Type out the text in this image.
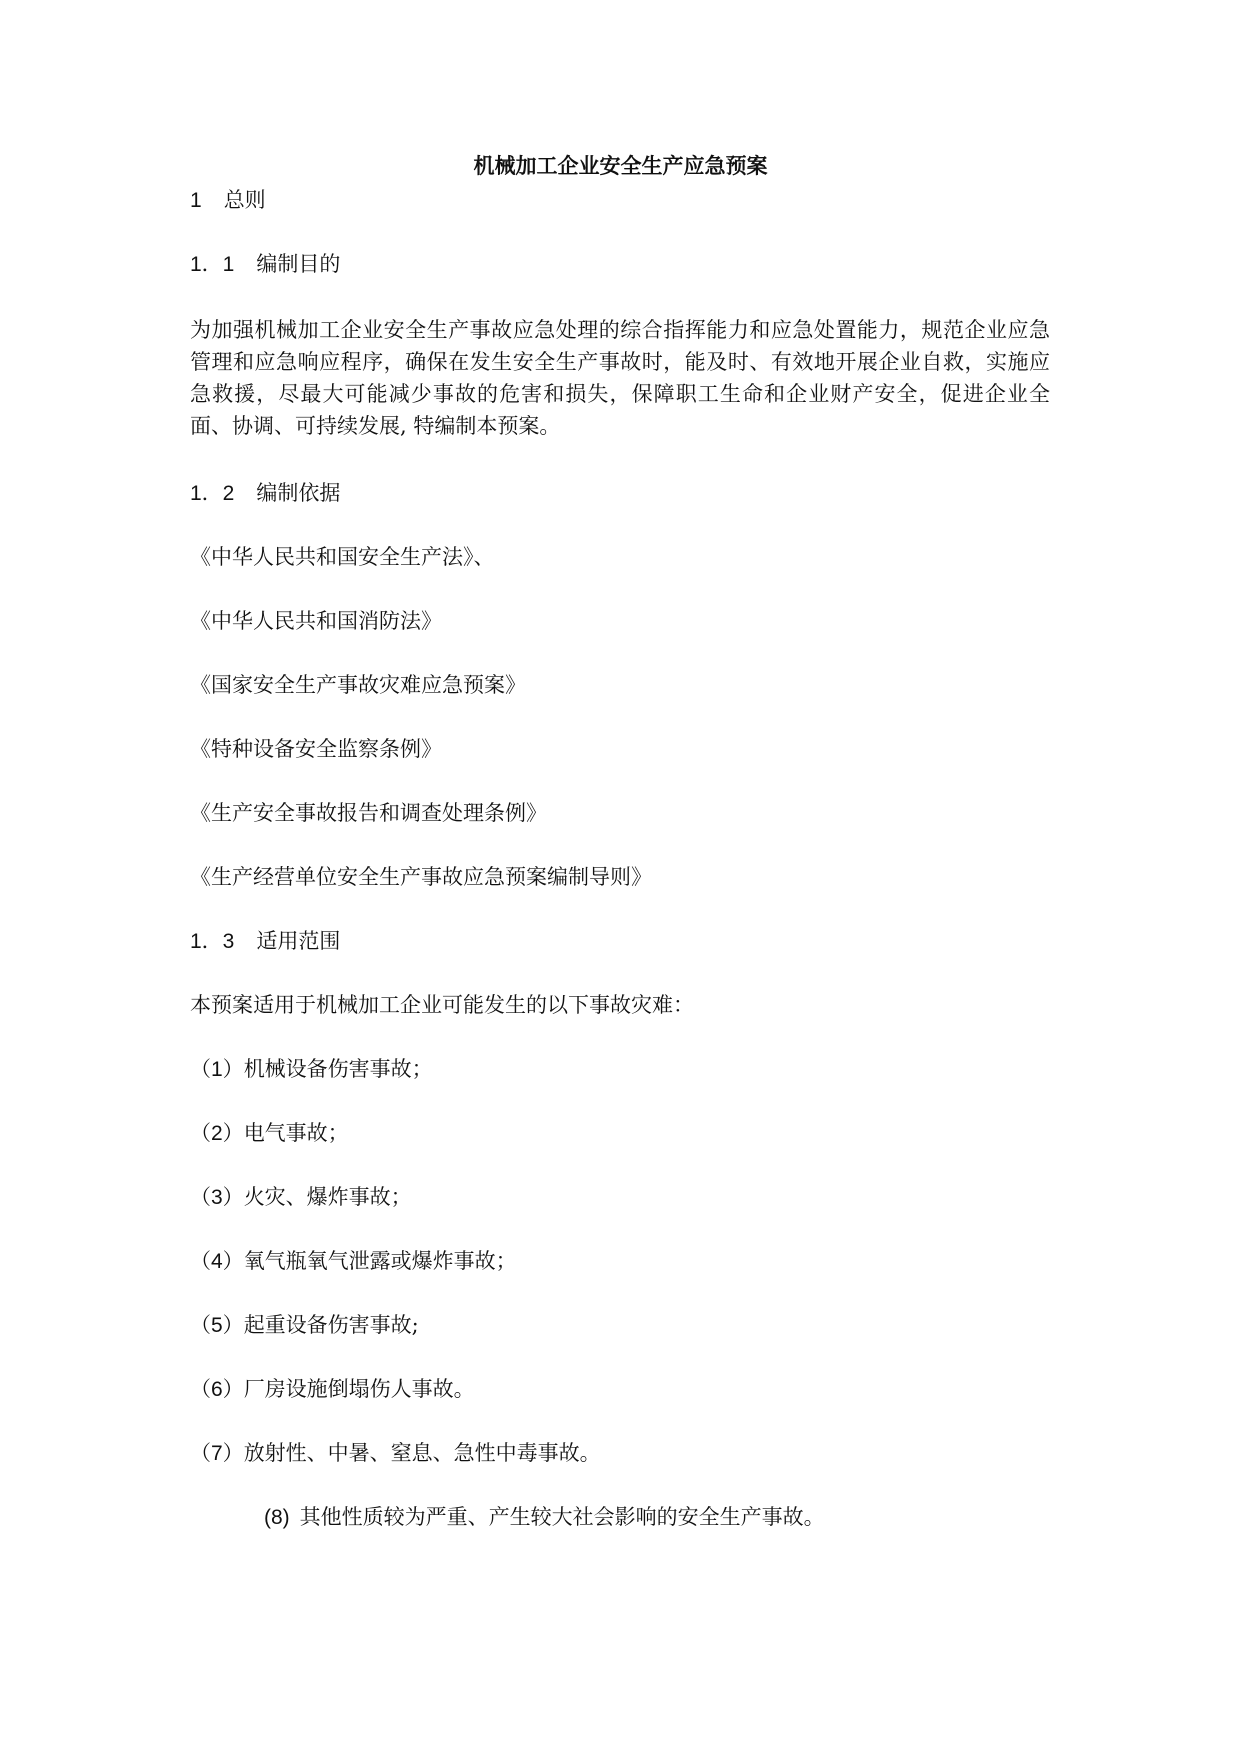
机械加工企业安全生产应急预案
1 总则
1．1 编制目的
为加强机械加工企业安全生产事故应急处理的综合指挥能力和应急处置能力，规范企业应急管理和应急响应程序，确保在发生安全生产事故时，能及时、有效地开展企业自救，实施应急救援，尽最大可能减少事故的危害和损失，保障职工生命和企业财产安全，促进企业全面、协调、可持续发展, 特编制本预案。
1．2 编制依据
《中华人民共和国安全生产法》、
《中华人民共和国消防法》
《国家安全生产事故灾难应急预案》
《特种设备安全监察条例》
《生产安全事故报告和调查处理条例》
《生产经营单位安全生产事故应急预案编制导则》
1．3 适用范围
本预案适用于机械加工企业可能发生的以下事故灾难：
（1）机械设备伤害事故；
（2）电气事故；
（3）火灾、爆炸事故；
（4）氧气瓶氧气泄露或爆炸事故；
（5）起重设备伤害事故;
（6）厂房设施倒塌伤人事故。
（7）放射性、中暑、窒息、急性中毒事故。
(8) 其他性质较为严重、产生较大社会影响的安全生产事故。
